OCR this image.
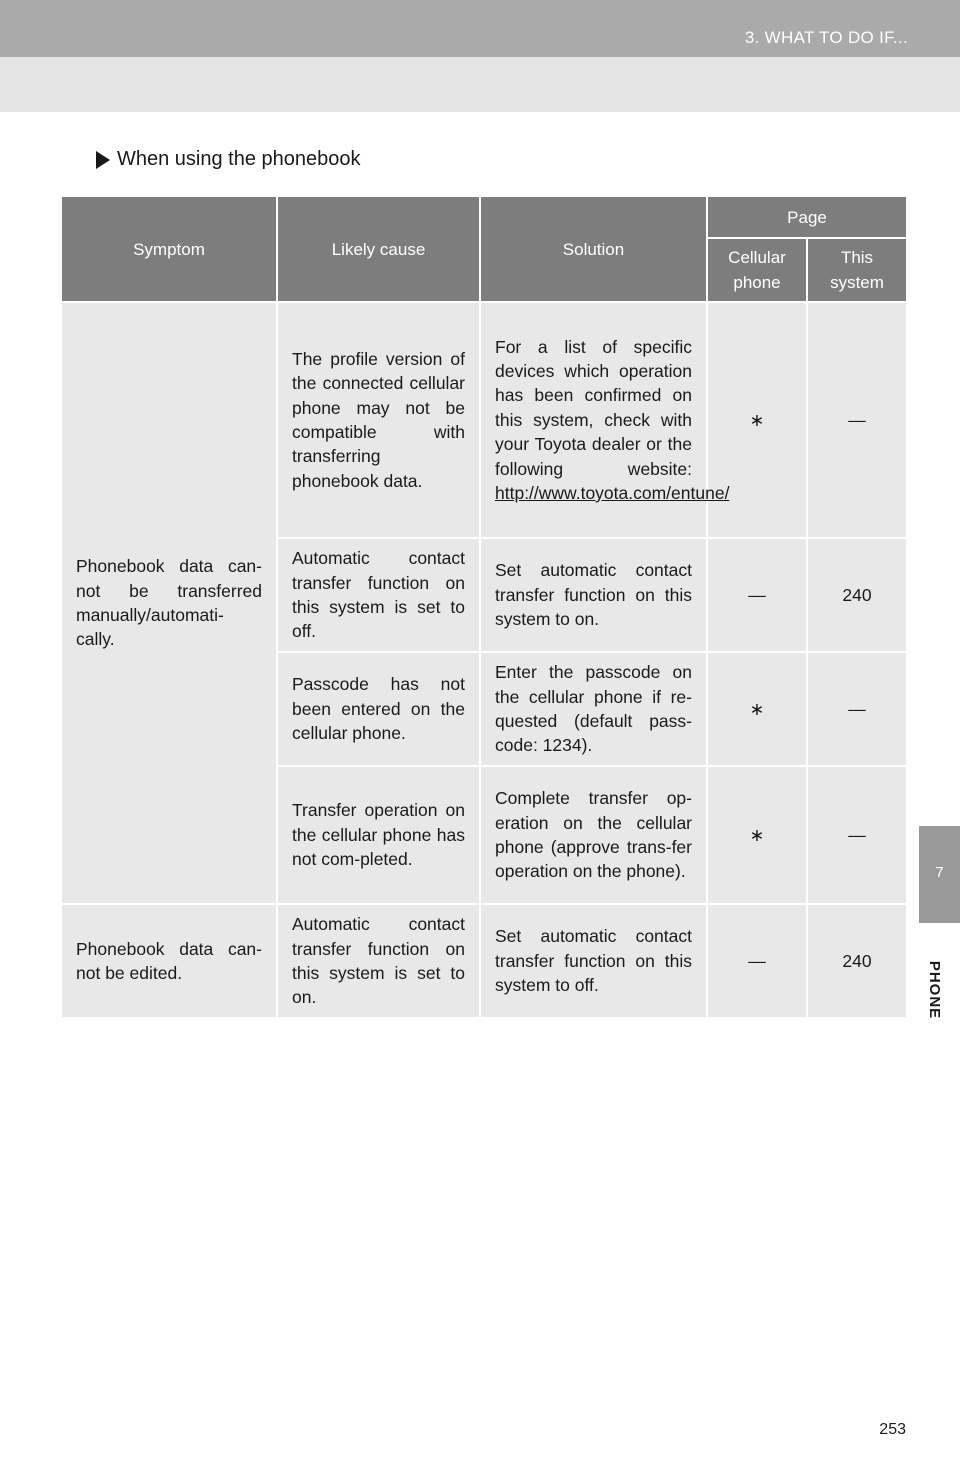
3. WHAT TO DO IF...
When using the phonebook
Symptom	Likely cause	Solution	Page	
			Cellular phone	This system
Phonebook data can-not be transferred manually/automati-cally.	The profile version of the connected cellular phone may not be compatible with transferring phonebook data.	For a list of specific devices which operation has been confirmed on this system, check with your Toyota dealer or the following website: http://www.toyota.com/entune/	∗	—
	Automatic contact transfer function on this system is set to off.	Set automatic contact transfer function on this system to on.	—	240
	Passcode has not been entered on the cellular phone.	Enter the passcode on the cellular phone if re-quested (default pass-code: 1234).	∗	—
	Transfer operation on the cellular phone has not com-pleted.	Complete transfer op-eration on the cellular phone (approve trans-fer operation on the phone).	∗	—
Phonebook data can-not be edited.	Automatic contact transfer function on this system is set to on.	Set automatic contact transfer function on this system to off.	—	240
7
PHONE
253
